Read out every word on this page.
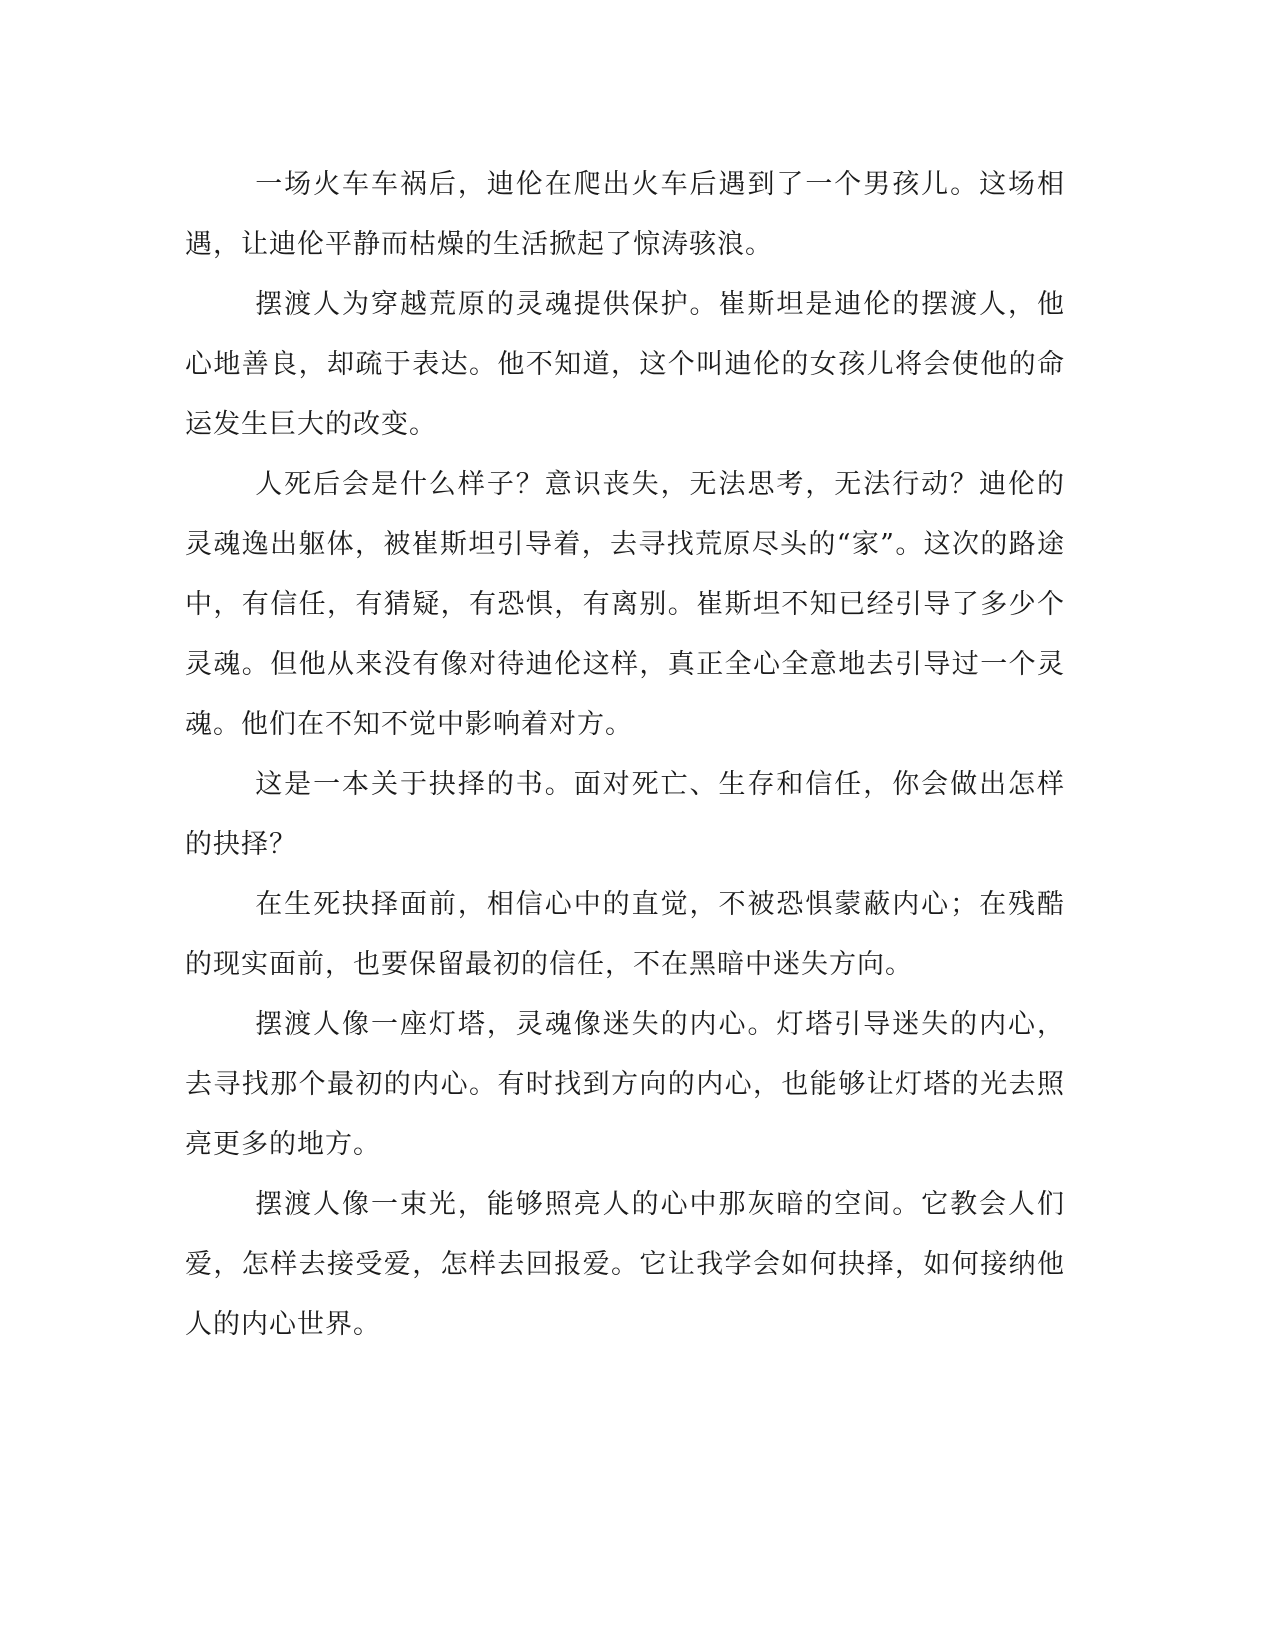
一场火车车祸后，迪伦在爬出火车后遇到了一个男孩儿。这场相遇，让迪伦平静而枯燥的生活掀起了惊涛骇浪。

摆渡人为穿越荒原的灵魂提供保护。崔斯坦是迪伦的摆渡人，他心地善良，却疏于表达。他不知道，这个叫迪伦的女孩儿将会使他的命运发生巨大的改变。

人死后会是什么样子？意识丧失，无法思考，无法行动？迪伦的灵魂逸出躯体，被崔斯坦引导着，去寻找荒原尽头的“家”。这次的路途中，有信任，有猜疑，有恐惧，有离别。崔斯坦不知已经引导了多少个灵魂。但他从来没有像对待迪伦这样，真正全心全意地去引导过一个灵魂。他们在不知不觉中影响着对方。

这是一本关于抉择的书。面对死亡、生存和信任，你会做出怎样的抉择？

在生死抉择面前，相信心中的直觉，不被恐惧蒙蔽内心；在残酷的现实面前，也要保留最初的信任，不在黑暗中迷失方向。

摆渡人像一座灯塔，灵魂像迷失的内心。灯塔引导迷失的内心，去寻找那个最初的内心。有时找到方向的内心，也能够让灯塔的光去照亮更多的地方。

摆渡人像一束光，能够照亮人的心中那灰暗的空间。它教会人们爱，怎样去接受爱，怎样去回报爱。它让我学会如何抉择，如何接纳他人的内心世界。
